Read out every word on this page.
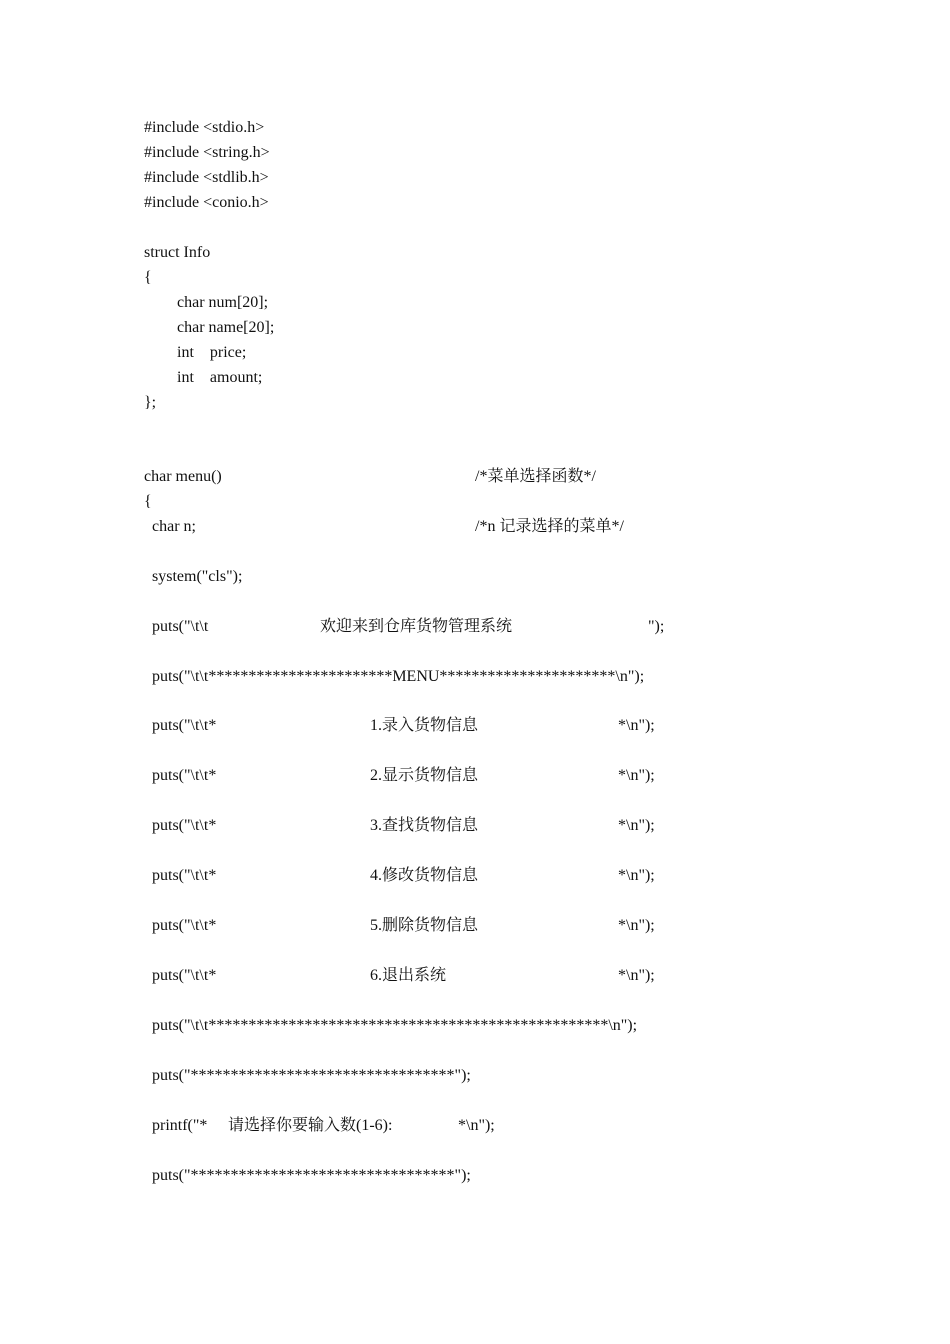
#include <stdio.h>
#include <string.h>
#include <stdlib.h>
#include <conio.h>
struct Info
{
char num[20];
char name[20];
int    price;
int    amount;
};
char menu()	/*菜单选择函数*/
{
char n;	/*n 记录选择的菜单*/
system("cls");
puts("\t\t	欢迎来到仓库货物管理系统	");
puts("\t\t***********************MENU**********************\n");
puts("\t\t*	1.录入货物信息	*\n");
puts("\t\t*	2.显示货物信息	*\n");
puts("\t\t*	3.查找货物信息	*\n");
puts("\t\t*	4.修改货物信息	*\n");
puts("\t\t*	5.删除货物信息	*\n");
puts("\t\t*	6.退出系统	*\n");
puts("\t\t**************************************************\n");
puts("*********************************");
printf("* 请选择你要输入数(1-6):	*\n");
puts("*********************************");
